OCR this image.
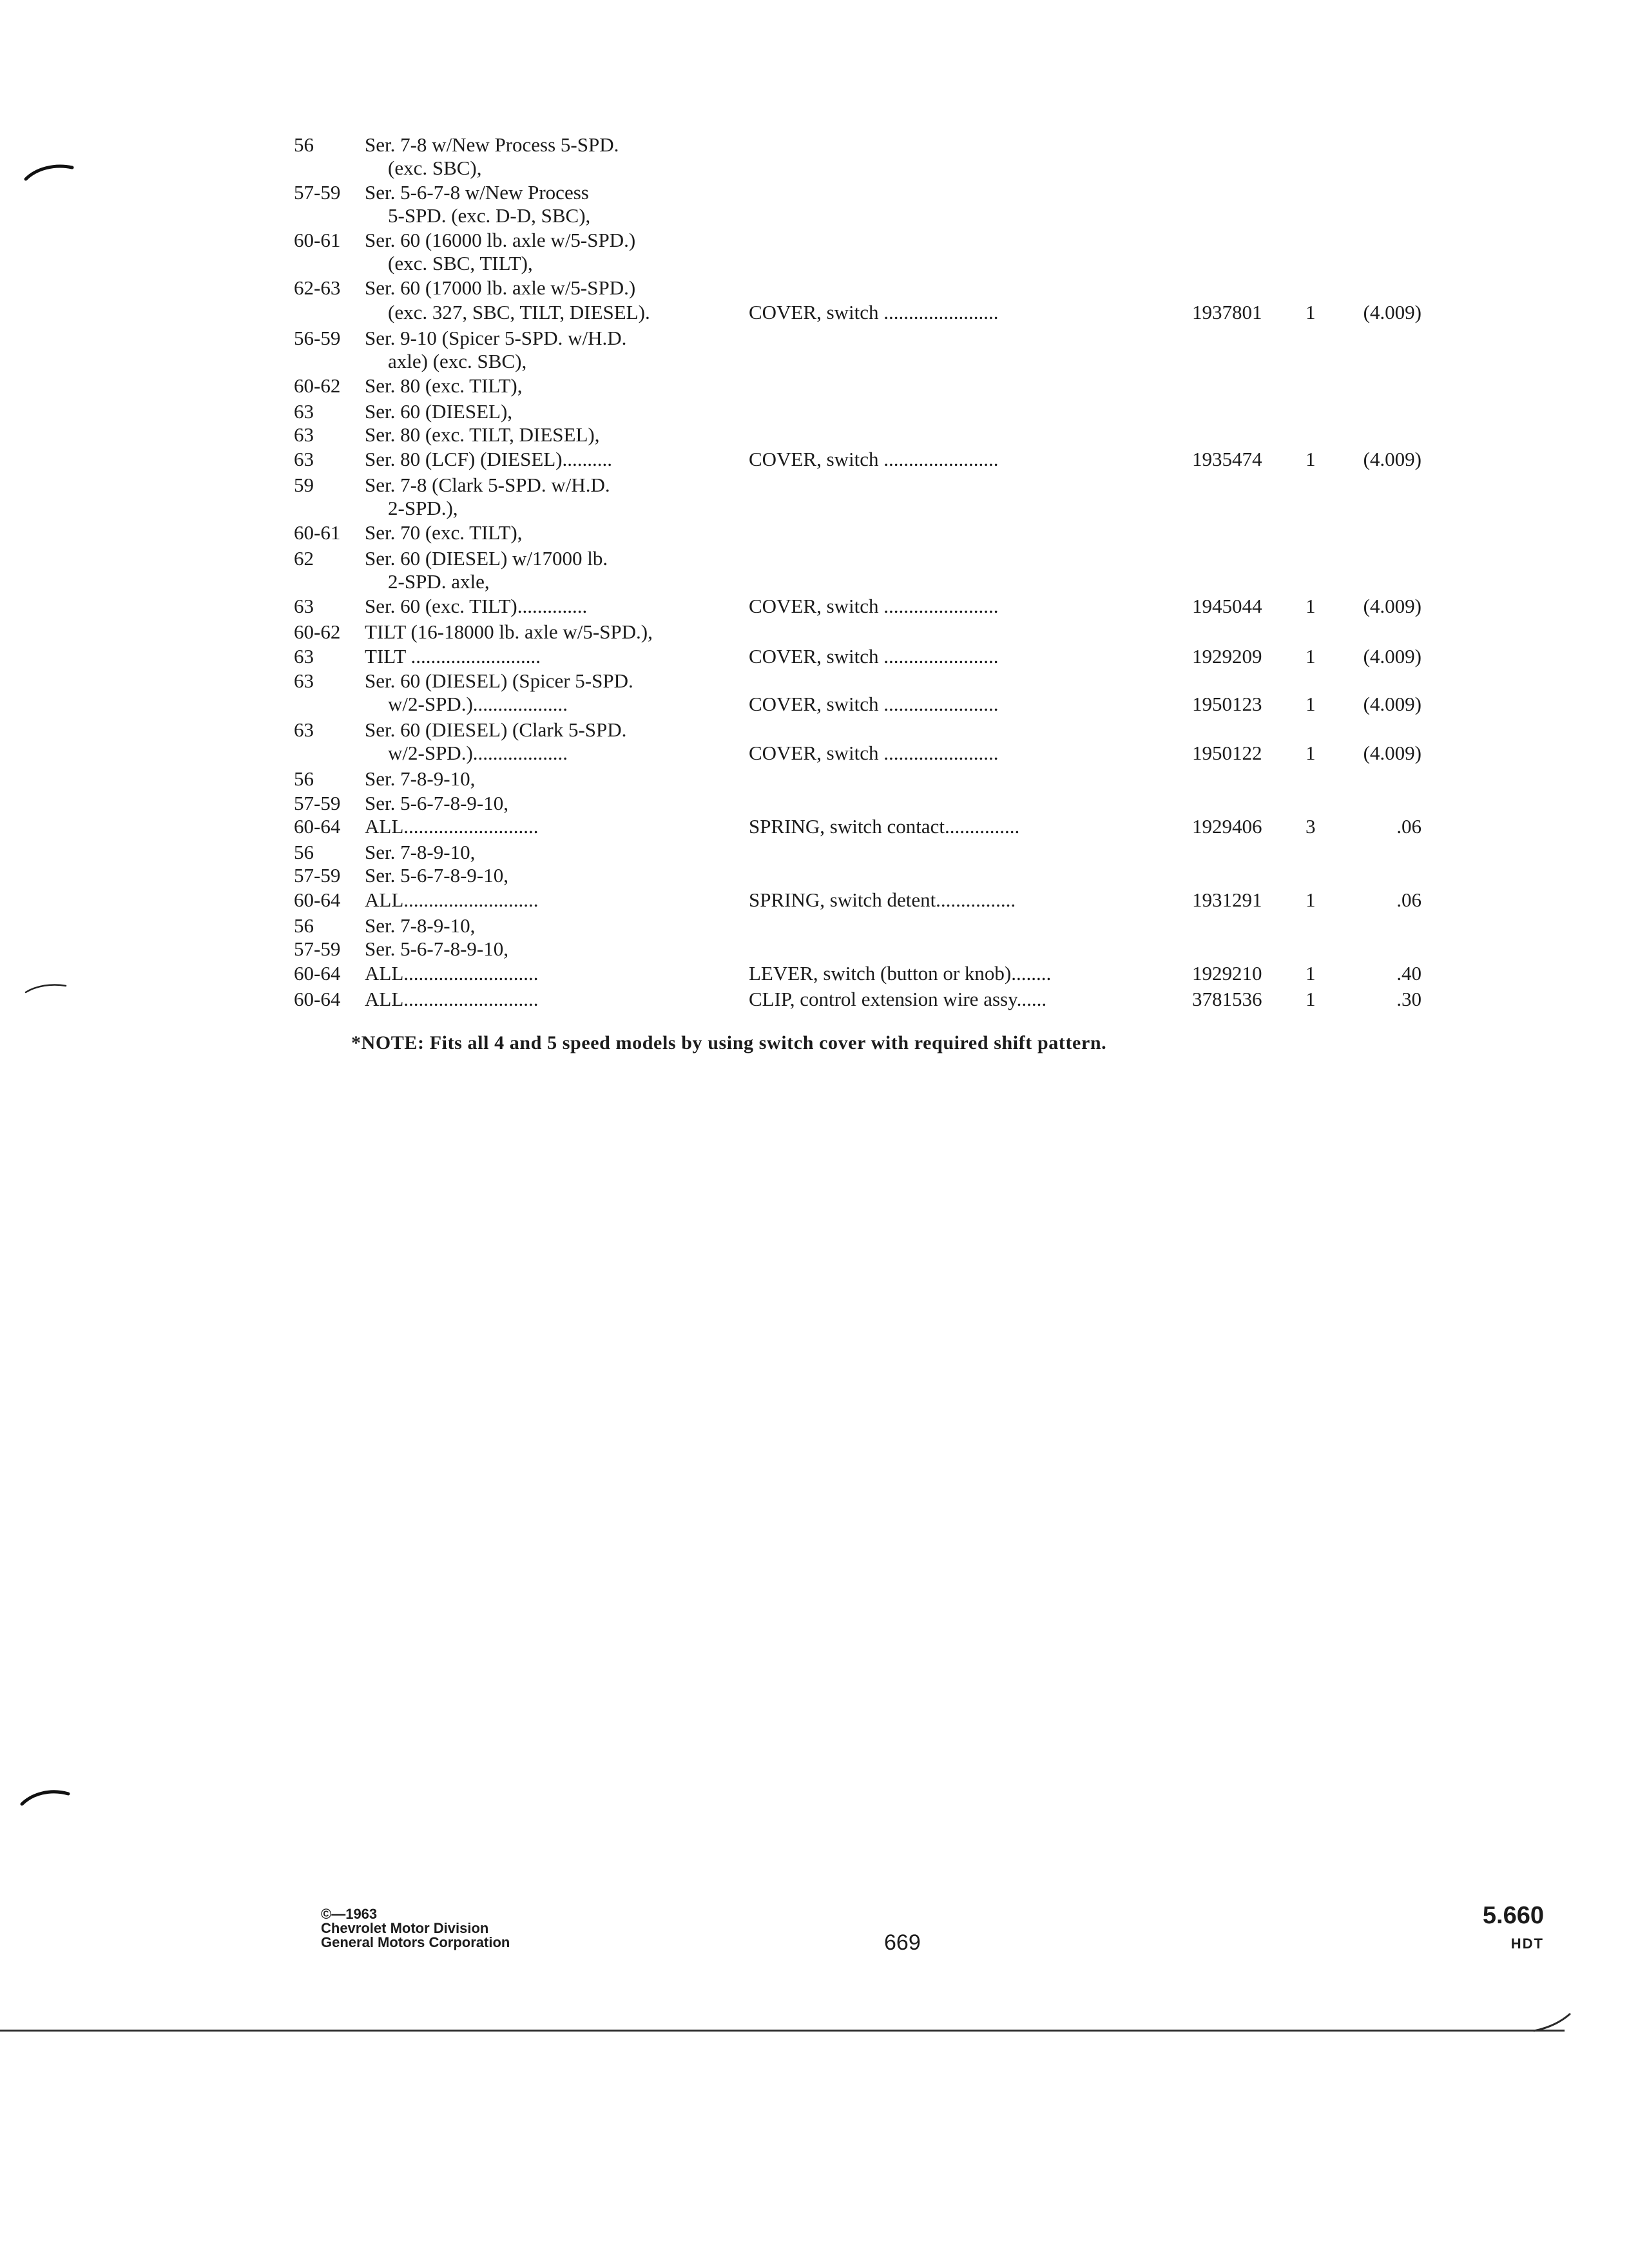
56	Ser. 7-8 w/New Process 5-SPD.
(exc. SBC),
57-59 Ser. 5-6-7-8 w/New Process
5-SPD. (exc. D-D, SBC),
60-61 Ser. 60 (16000 lb. axle w/5-SPD.)
(exc. SBC, TILT),
62-63 Ser. 60 (17000 lb. axle w/5-SPD.)
(exc. 327, SBC, TILT, DIESEL).	COVER, switch .......................	1937801 1 (4.009)
56-59 Ser. 9-10 (Spicer 5-SPD. w/H.D.
axle) (exc. SBC),
60-62 Ser. 80 (exc. TILT),
63	Ser. 60 (DIESEL),
63	Ser. 80 (exc. TILT, DIESEL),
63	Ser. 80 (LCF) (DIESEL)..........	COVER, switch .......................	1935474 1 (4.009)
59	Ser. 7-8 (Clark 5-SPD. w/H.D.
2-SPD.),
60-61 Ser. 70 (exc. TILT),
62	Ser. 60 (DIESEL) w/17000 lb.
2-SPD. axle,
63	Ser. 60 (exc. TILT)..............	COVER, switch .......................	1945044 1 (4.009)
60-62 TILT (16-18000 lb. axle w/5-SPD.),
63	TILT ..........................	COVER, switch .......................	1929209 1 (4.009)
63	Ser. 60 (DIESEL) (Spicer 5-SPD.
w/2-SPD.)...................	COVER, switch .......................	1950123 1 (4.009)
63	Ser. 60 (DIESEL) (Clark 5-SPD.
w/2-SPD.)...................	COVER, switch .......................	1950122 1 (4.009)
56	Ser. 7-8-9-10,
57-59 Ser. 5-6-7-8-9-10,
60-64 ALL...........................	SPRING, switch contact...............	1929406 3	.06
56	Ser. 7-8-9-10,
57-59 Ser. 5-6-7-8-9-10,
60-64 ALL...........................	SPRING, switch detent................	1931291 1	.06
56	Ser. 7-8-9-10,
57-59 Ser. 5-6-7-8-9-10,
60-64 ALL...........................	LEVER, switch (button or knob)........	1929210 1	.40
60-64 ALL...........................	CLIP, control extension wire assy......	3781536 1	.30
*NOTE: Fits all 4 and 5 speed models by using switch cover with required shift pattern.
©—1963
Chevrolet Motor Division
General Motors Corporation	669
5.660
HDT
